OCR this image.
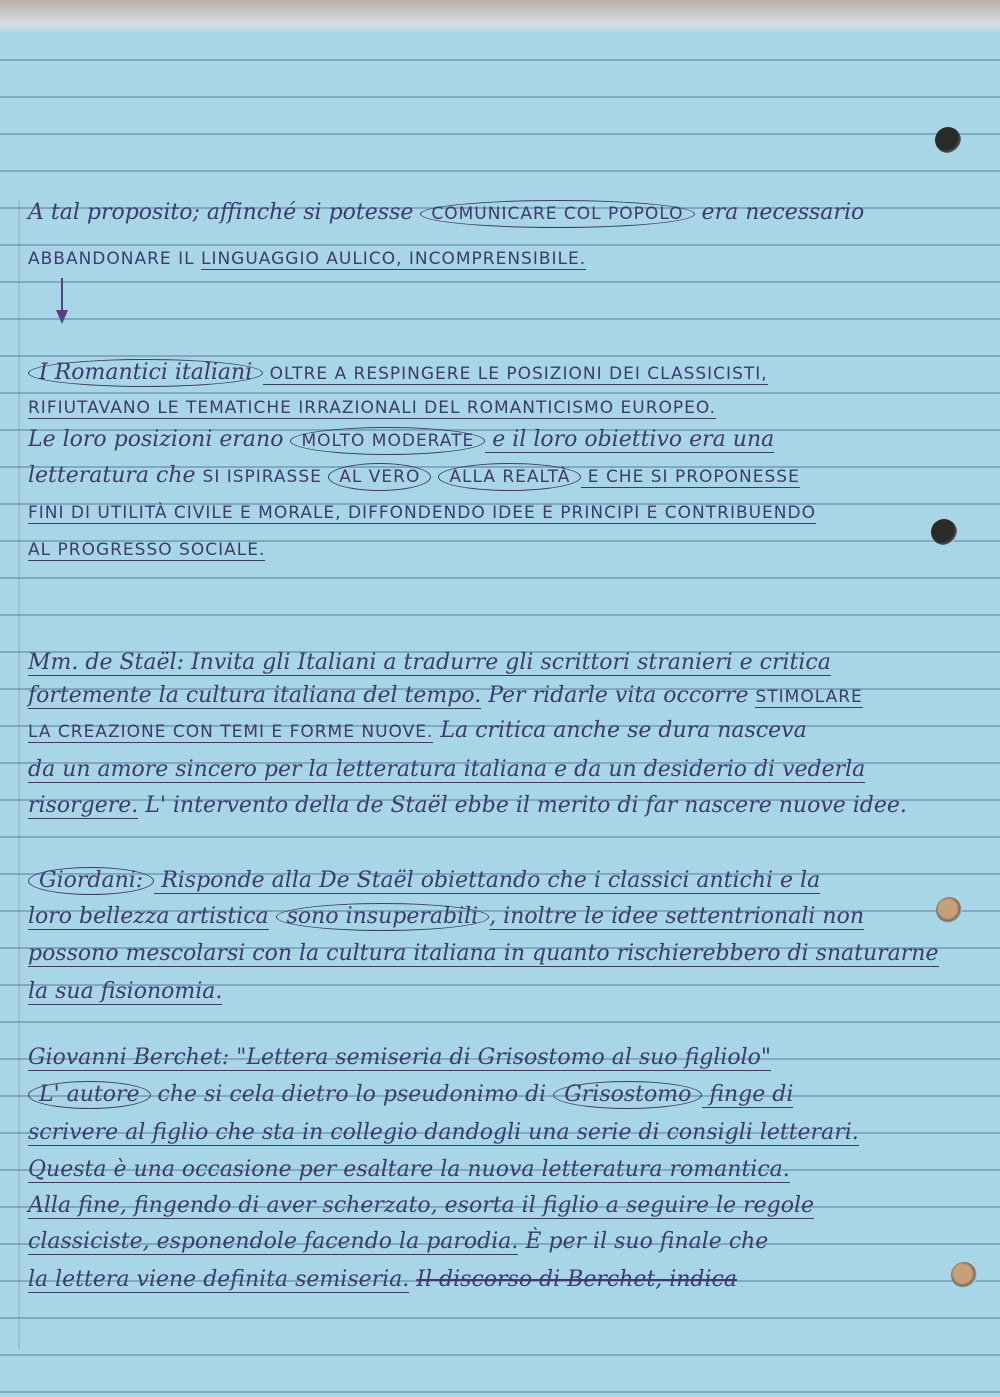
A tal proposito; affinché si potesse COMUNICARE COL POPOLO era necessario

ABBANDONARE IL LINGUAGGIO AULICO, INCOMPRENSIBILE.

I Romantici italiani OLTRE A RESPINGERE LE POSIZIONI DEI CLASSICISTI,

RIFIUTAVANO LE TEMATICHE IRRAZIONALI DEL ROMANTICISMO EUROPEO.

Le loro posizioni erano MOLTO MODERATE e il loro obiettivo era una

letteratura che SI ISPIRASSE AL VERO ALLA REALTÀ E CHE SI PROPONESSE

FINI DI UTILITÀ CIVILE E MORALE, DIFFONDENDO IDEE E PRINCIPI E CONTRIBUENDO

AL PROGRESSO SOCIALE.

Mm. de Staël: Invita gli Italiani a tradurre gli scrittori stranieri e critica

fortemente la cultura italiana del tempo. Per ridarle vita occorre STIMOLARE

LA CREAZIONE CON TEMI E FORME NUOVE. La critica anche se dura nasceva

da un amore sincero per la letteratura italiana e da un desiderio di vederla

risorgere. L' intervento della de Staël ebbe il merito di far nascere nuove idee.

Giordani: Risponde alla De Staël obiettando che i classici antichi e la

loro bellezza artistica sono insuperabili , inoltre le idee settentrionali non

possono mescolarsi con la cultura italiana in quanto rischierebbero di snaturarne

la sua fisionomia.

Giovanni Berchet: "Lettera semiseria di Grisostomo al suo figliolo"

L' autore che si cela dietro lo pseudonimo di Grisostomo finge di

scrivere al figlio che sta in collegio dandogli una serie di consigli letterari.

Questa è una occasione per esaltare la nuova letteratura romantica.

Alla fine, fingendo di aver scherzato, esorta il figlio a seguire le regole

classiciste, esponendole facendo la parodia. È per il suo finale che

la lettera viene definita semiseria. Il discorso di Berchet, indica
